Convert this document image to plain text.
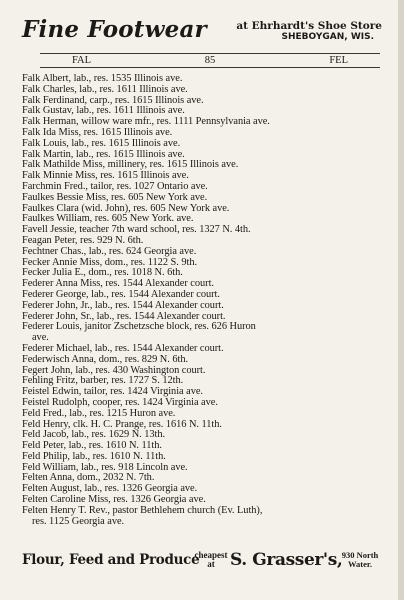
Fine Footwear	at Ehrhardt's Shoe Store
SHEBOYGAN, WIS.
FAL	85	FEL
Falk Albert, lab., res. 1535 Illinois ave.
Falk Charles, lab., res. 1611 Illinois ave.
Falk Ferdinand, carp., res. 1615 Illinois ave.
Falk Gustav, lab., res. 1611 Illinois ave.
Falk Herman, willow ware mfr., res. 1111 Pennsylvania ave.
Falk Ida Miss, res. 1615 Illinois ave.
Falk Louis, lab., res. 1615 Illinois ave.
Falk Martin, lab., res. 1615 Illinois ave.
Falk Mathilde Miss, millinery, res. 1615 Illinois ave.
Falk Minnie Miss, res. 1615 Illinois ave.
Farchmin Fred., tailor, res. 1027 Ontario ave.
Faulkes Bessie Miss, res. 605 New York ave.
Faulkes Clara (wid. John), res. 605 New York ave.
Faulkes William, res. 605 New York. ave.
Favell Jessie, teacher 7th ward school, res. 1327 N. 4th.
Feagan Peter, res. 929 N. 6th.
Fechtner Chas., lab., res. 624 Georgia ave.
Fecker Annie Miss, dom., res. 1122 S. 9th.
Fecker Julia E., dom., res. 1018 N. 6th.
Federer Anna Miss, res. 1544 Alexander court.
Federer George, lab., res. 1544 Alexander court.
Federer John, Jr., lab., res. 1544 Alexander court.
Federer John, Sr., lab., res. 1544 Alexander court.
Federer Louis, janitor Zschetzsche block, res. 626 Huron
ave.
Federer Michael, lab., res. 1544 Alexander court.
Federwisch Anna, dom., res. 829 N. 6th.
Fegert John, lab., res. 430 Washington court.
Fehling Fritz, barber, res. 1727 S. 12th.
Feistel Edwin, tailor, res. 1424 Virginia ave.
Feistel Rudolph, cooper, res. 1424 Virginia ave.
Feld Fred., lab., res. 1215 Huron ave.
Feld Henry, clk. H. C. Prange, res. 1616 N. 11th.
Feld Jacob, lab., res. 1629 N. 13th.
Feld Peter, lab., res. 1610 N. 11th.
Feld Philip, lab., res. 1610 N. 11th.
Feld William, lab., res. 918 Lincoln ave.
Felten Anna, dom., 2032 N. 7th.
Felten August, lab., res. 1326 Georgia ave.
Felten Caroline Miss, res. 1326 Georgia ave.
Felten Henry T. Rev., pastor Bethlehem church (Ev. Luth),
res. 1125 Georgia ave.
Flour, Feed and Produce
cheapest
at S. Grasser's, 930 North
Water.
